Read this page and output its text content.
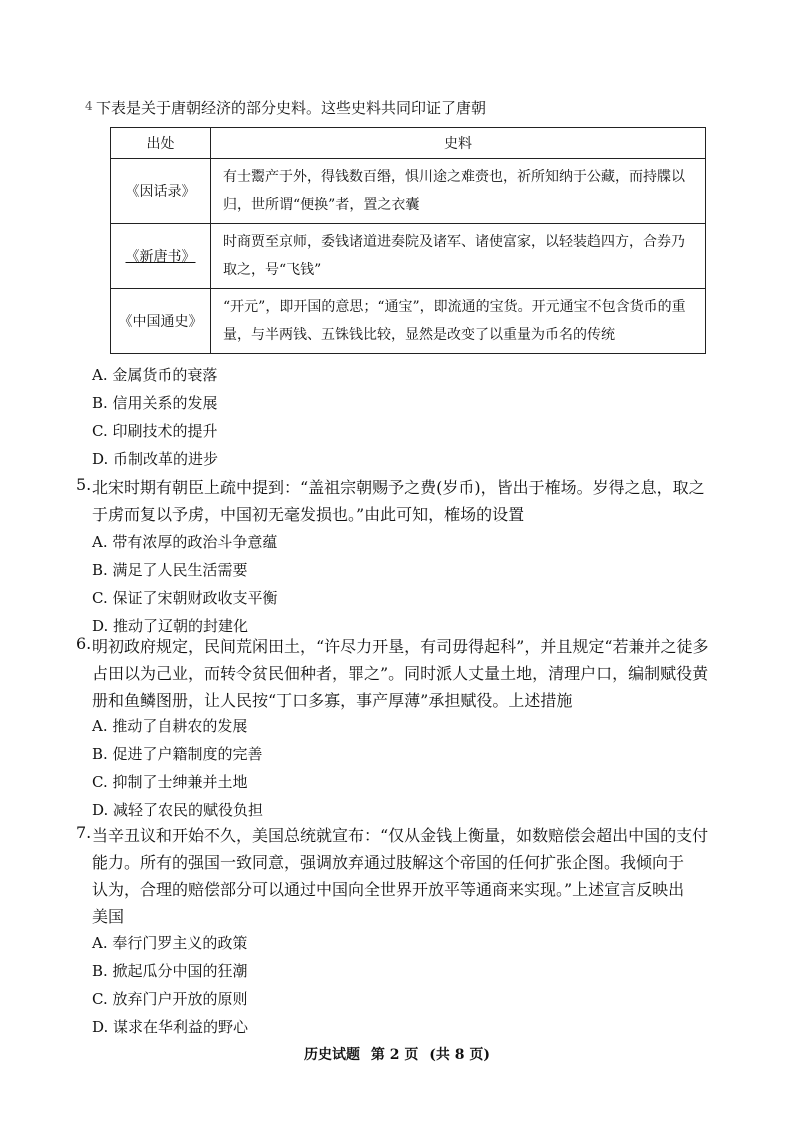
4 下表是关于唐朝经济的部分史料。这些史料共同印证了唐朝
出处	史料
《因话录》	有士鬻产于外，得钱数百缗，惧川途之难赍也，祈所知纳于公藏，而持牒以归，世所谓“便换”者，置之衣囊
《新唐书》	时商贾至京师，委钱诸道进奏院及诸军、诸使富家，以轻装趋四方，合券乃取之，号“飞钱”
《中国通史》	“开元”，即开国的意思；“通宝”，即流通的宝货。开元通宝不包含货币的重量，与半两钱、五铢钱比较，显然是改变了以重量为币名的传统
A. 金属货币的衰落
B. 信用关系的发展
C. 印刷技术的提升
D. 币制改革的进步
5. 北宋时期有朝臣上疏中提到：“盖祖宗朝赐予之费(岁币)，皆出于榷场。岁得之息，取之
于虏而复以予虏，中国初无毫发损也。”由此可知，榷场的设置
A. 带有浓厚的政治斗争意蕴
B. 满足了人民生活需要
C. 保证了宋朝财政收支平衡
D. 推动了辽朝的封建化
6. 明初政府规定，民间荒闲田土，“许尽力开垦，有司毋得起科”，并且规定“若兼并之徒多
占田以为己业，而转令贫民佃种者，罪之”。同时派人丈量土地，清理户口，编制赋役黄
册和鱼鳞图册，让人民按“丁口多寡，事产厚薄”承担赋役。上述措施
A. 推动了自耕农的发展
B. 促进了户籍制度的完善
C. 抑制了士绅兼并土地
D. 减轻了农民的赋役负担
7. 当辛丑议和开始不久，美国总统就宣布：“仅从金钱上衡量，如数赔偿会超出中国的支付
能力。所有的强国一致同意，强调放弃通过肢解这个帝国的任何扩张企图。我倾向于
认为，合理的赔偿部分可以通过中国向全世界开放平等通商来实现。”上述宣言反映出
美国
A. 奉行门罗主义的政策
B. 掀起瓜分中国的狂潮
C. 放弃门户开放的原则
D. 谋求在华利益的野心
历史试题 第 2 页 (共 8 页)
